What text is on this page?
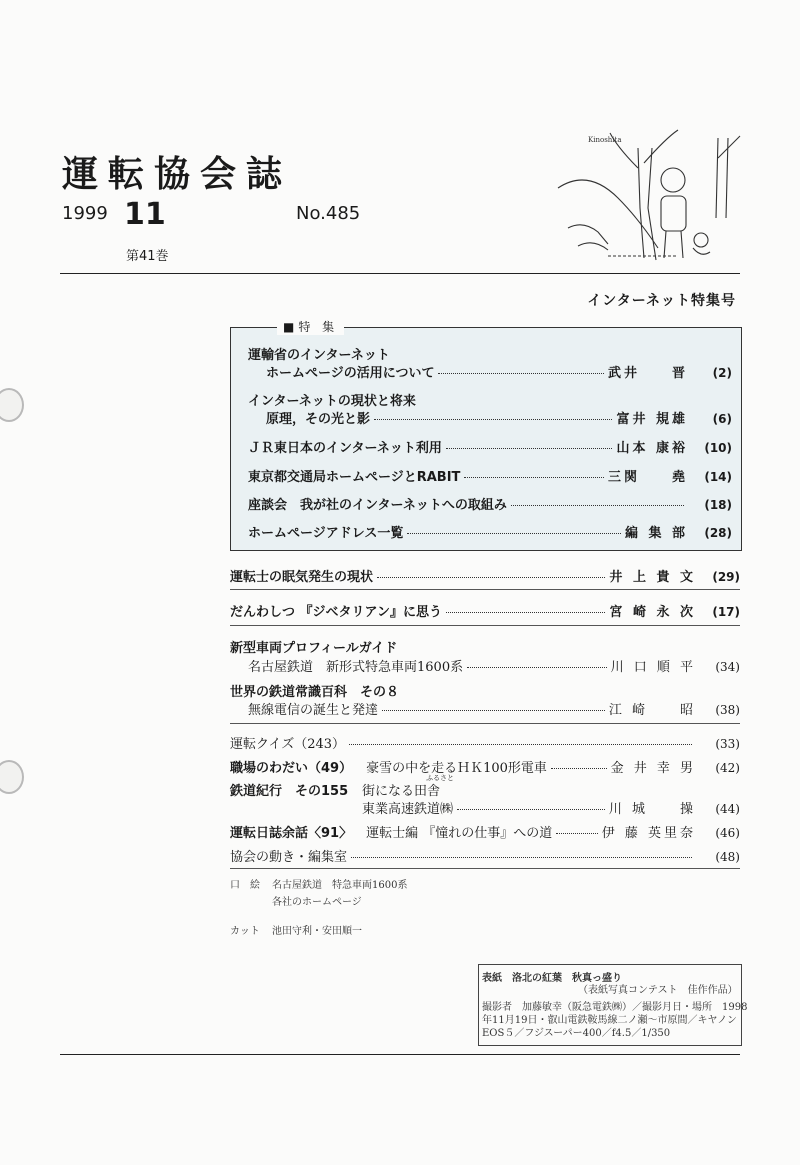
運転協会誌
1999 11	No.485
第41巻
Kinoshita
インターネット特集号
■特 集
運輸省のインターネット
ホームページの活用について	武井　　晋	(2)
インターネットの現状と将来
原理，その光と影	富井 規雄	(6)
ＪＲ東日本のインターネット利用	山本 康裕	(10)
東京都交通局ホームページとRABIT	三関　　堯	(14)
座談会　我が社のインターネットへの取組み	(18)
ホームページアドレス一覧	編 集 部	(28)
運転士の眠気発生の現状	井 上 貴 文	(29)
だんわしつ 『ジベタリアン』に思う	宮 崎 永 次	(17)
新型車両プロフィールガイド
名古屋鉄道　新形式特急車両1600系	川 口 順 平	(34)
世界の鉄道常識百科　その８
無線電信の誕生と発達	江 崎　　昭	(38)
運転クイズ（243）	(33)
職場のわだい（49） 豪雪の中を走るＨＫ100形電車	金 井 幸 男	(42)
鉄道紀行　その155
ふるさと
街になる田舎
東業高速鉄道㈱	川 城　　操	(44)
運転日誌余話〈91〉 運転士編 『憧れの仕事』への道	伊 藤 英里奈	(46)
協会の動き・編集室	(48)
口　絵 名古屋鉄道　特急車両1600系
各社のホームページ
カット 池田守利・安田順一
表紙　洛北の紅葉　秋真っ盛り
（表紙写真コンテスト　佳作作品）
撮影者　加藤敏幸（阪急電鉄㈱）／撮影月日・場所　1998
年11月19日・叡山電鉄鞍馬線二ノ瀬～市原間／キヤノン
EOS５／フジスーパー400／f4.5／1/350
